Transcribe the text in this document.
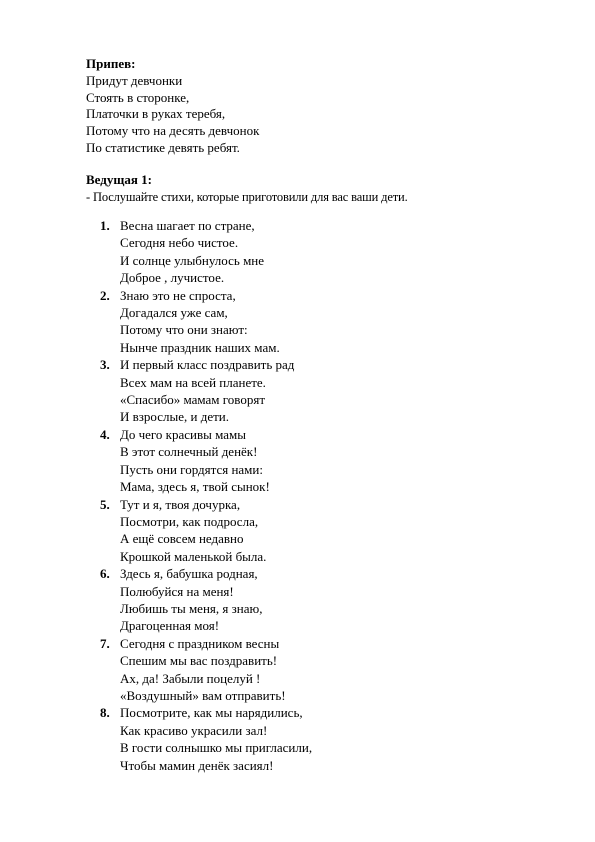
Припев:
Придут девчонки
Стоять в сторонке,
Платочки в руках теребя,
Потому что на десять девчонок
По статистике девять ребят.
Ведущая 1:
- Послушайте стихи, которые приготовили для вас ваши дети.
1. Весна шагает по стране,
Сегодня небо чистое.
И солнце улыбнулось мне
Доброе , лучистое.
2. Знаю это не спроста,
Догадался уже сам,
Потому что они знают:
Нынче праздник наших мам.
3. И первый класс поздравить рад
Всех мам на всей планете.
«Спасибо» мамам говорят
И взрослые, и дети.
4. До чего красивы мамы
В этот солнечный денёк!
Пусть они гордятся нами:
Мама, здесь я, твой сынок!
5. Тут и я, твоя дочурка,
Посмотри, как подросла,
А ещё совсем недавно
Крошкой маленькой была.
6. Здесь я, бабушка родная,
Полюбуйся на меня!
Любишь ты меня, я знаю,
Драгоценная моя!
7. Сегодня с праздником весны
Спешим мы вас поздравить!
Ах, да! Забыли поцелуй !
«Воздушный» вам отправить!
8. Посмотрите, как мы нарядились,
Как красиво украсили зал!
В гости солнышко мы пригласили,
Чтобы мамин денёк засиял!
